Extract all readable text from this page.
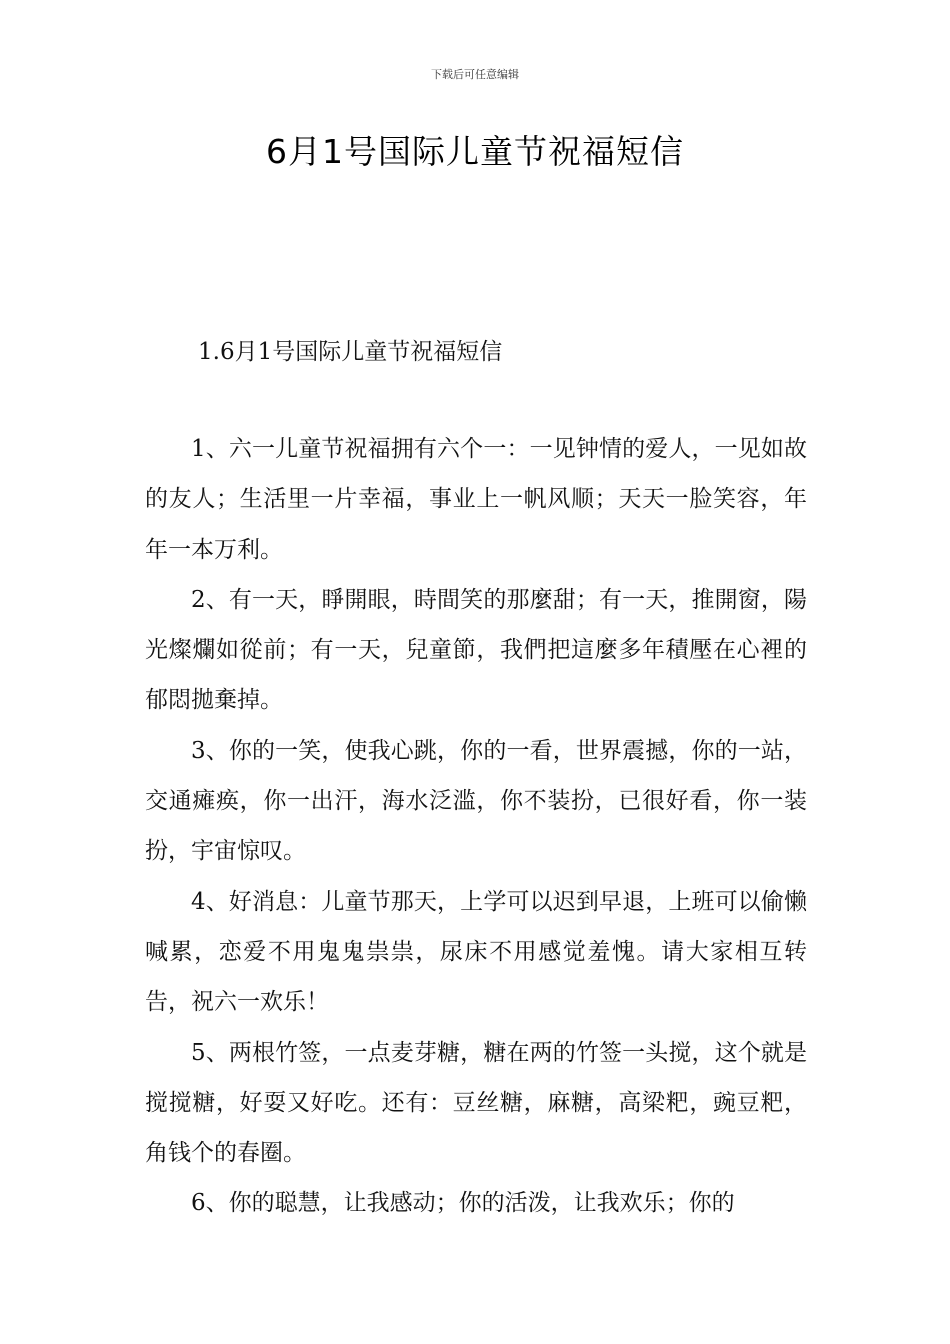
下载后可任意编辑
6月1号国际儿童节祝福短信
1.6月1号国际儿童节祝福短信

1、六一儿童节祝福拥有六个一：一见钟情的爱人，一见如故的友人；生活里一片幸福，事业上一帆风顺；天天一脸笑容，年年一本万利。

2、有一天，睜開眼，時間笑的那麼甜；有一天，推開窗，陽光燦爛如從前；有一天，兒童節，我們把這麼多年積壓在心裡的郁悶拋棄掉。

3、你的一笑，使我心跳，你的一看，世界震撼，你的一站，交通瘫痪，你一出汗，海水泛滥，你不装扮，已很好看，你一装扮，宇宙惊叹。

4、好消息：儿童节那天，上学可以迟到早退，上班可以偷懒喊累，恋爱不用鬼鬼祟祟，尿床不用感觉羞愧。请大家相互转告，祝六一欢乐！

5、两根竹签，一点麦芽糖，糖在两的竹签一头搅，这个就是搅搅糖，好耍又好吃。还有：豆丝糖，麻糖，高梁粑，豌豆粑，角钱个的春圈。

6、你的聪慧，让我感动；你的活泼，让我欢乐；你的
